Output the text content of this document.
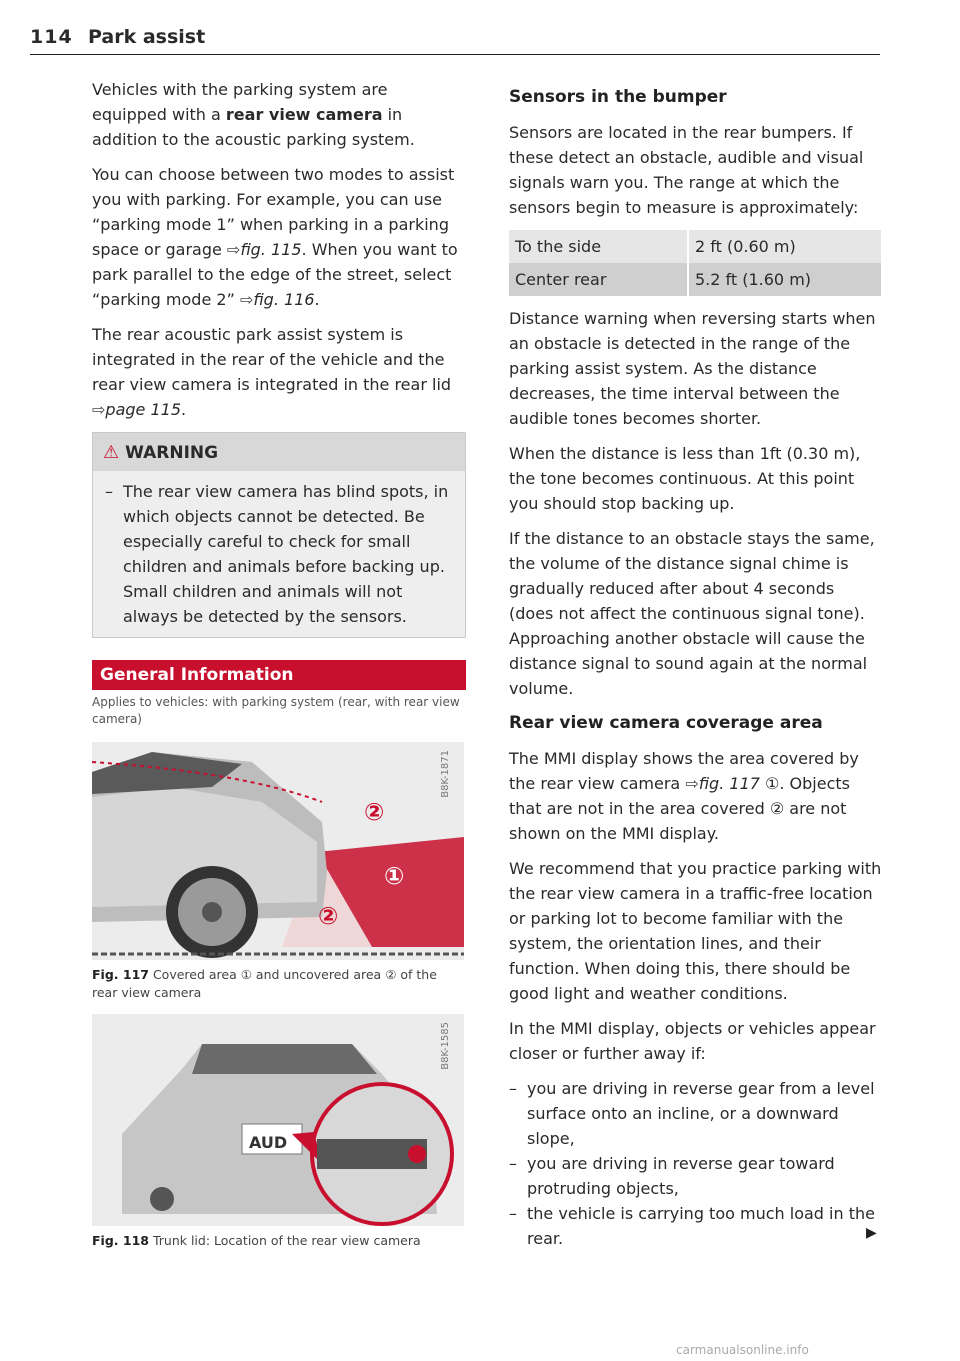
114 Park assist

Vehicles with the parking system are equipped with a rear view camera in addition to the acoustic parking system.

You can choose between two modes to assist you with parking. For example, you can use “parking mode 1” when parking in a parking space or garage ⇨fig. 115. When you want to park parallel to the edge of the street, select “parking mode 2” ⇨fig. 116.

The rear acoustic park assist system is integrated in the rear of the vehicle and the rear view camera is integrated in the rear lid ⇨page 115.

⚠ WARNING
– The rear view camera has blind spots, in which objects cannot be detected. Be especially careful to check for small children and animals before backing up. Small children and animals will not always be detected by the sensors.
General Information
Applies to vehicles: with parking system (rear, with rear view camera)
②
①
②
B8K-1871
Fig. 117 Covered area ① and uncovered area ② of the rear view camera
AUD
B8K-1585
Fig. 118 Trunk lid: Location of the rear view camera
Sensors in the bumper

Sensors are located in the rear bumpers. If these detect an obstacle, audible and visual signals warn you. The range at which the sensors begin to measure is approximately:

To the side	2 ft (0.60 m)
Center rear	5.2 ft (1.60 m)

Distance warning when reversing starts when an obstacle is detected in the range of the parking assist system. As the distance decreases, the time interval between the audible tones becomes shorter.

When the distance is less than 1ft (0.30 m), the tone becomes continuous. At this point you should stop backing up.

If the distance to an obstacle stays the same, the volume of the distance signal chime is gradually reduced after about 4 seconds (does not affect the continuous signal tone). Approaching another obstacle will cause the distance signal to sound again at the normal volume.

Rear view camera coverage area

The MMI display shows the area covered by the rear view camera ⇨fig. 117 ①. Objects that are not in the area covered ② are not shown on the MMI display.

We recommend that you practice parking with the rear view camera in a traffic-free location or parking lot to become familiar with the system, the orientation lines, and their function. When doing this, there should be good light and weather conditions.

In the MMI display, objects or vehicles appear closer or further away if:

– you are driving in reverse gear from a level surface onto an incline, or a downward slope,
– you are driving in reverse gear toward protruding objects,
– the vehicle is carrying too much load in the rear.	▶
carmanualsonline.info
